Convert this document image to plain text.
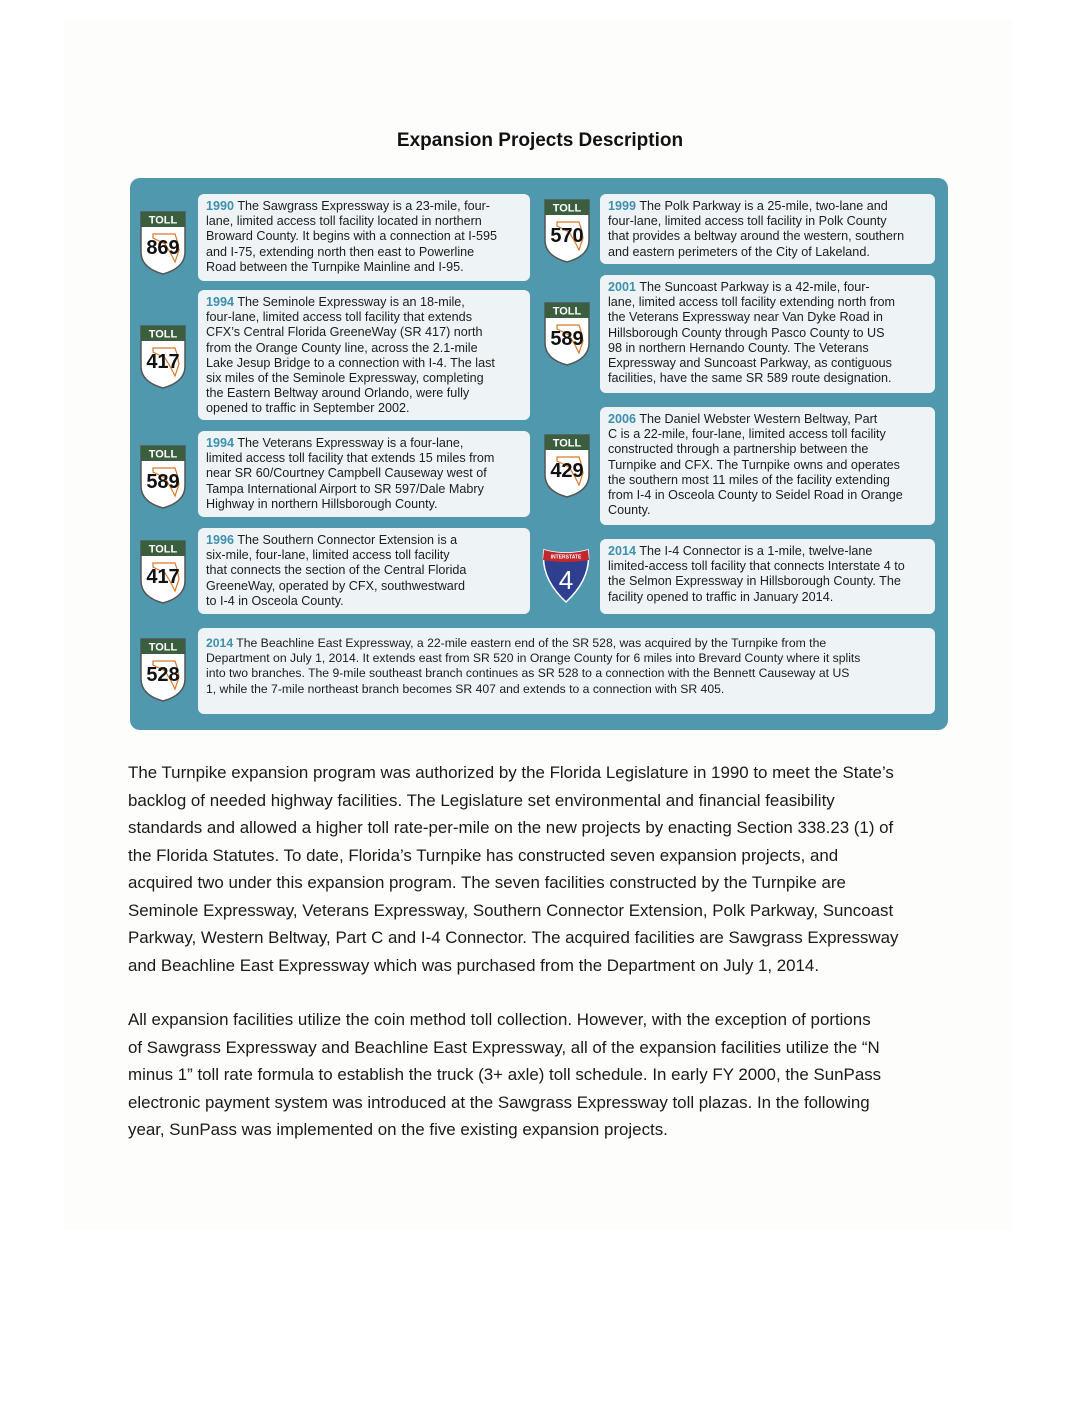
Expansion Projects Description
1990 The Sawgrass Expressway is a 23-mile, four-
lane, limited access toll facility located in northern
Broward County. It begins with a connection at I-595
and I-75, extending north then east to Powerline
Road between the Turnpike Mainline and I-95.
1994 The Seminole Expressway is an 18-mile,
four-lane, limited access toll facility that extends
CFX’s Central Florida GreeneWay (SR 417) north
from the Orange County line, across the 2.1-mile
Lake Jesup Bridge to a connection with I-4. The last
six miles of the Seminole Expressway, completing
the Eastern Beltway around Orlando, were fully
opened to traffic in September 2002.
1994 The Veterans Expressway is a four-lane,
limited access toll facility that extends 15 miles from
near SR 60/Courtney Campbell Causeway west of
Tampa International Airport to SR 597/Dale Mabry
Highway in northern Hillsborough County.
1996 The Southern Connector Extension is a
six-mile, four-lane, limited access toll facility
that connects the section of the Central Florida
GreeneWay, operated by CFX, southwestward
to I-4 in Osceola County.
1999 The Polk Parkway is a 25-mile, two-lane and
four-lane, limited access toll facility in Polk County
that provides a beltway around the western, southern
and eastern perimeters of the City of Lakeland.
2001 The Suncoast Parkway is a 42-mile, four-
lane, limited access toll facility extending north from
the Veterans Expressway near Van Dyke Road in
Hillsborough County through Pasco County to US
98 in northern Hernando County. The Veterans
Expressway and Suncoast Parkway, as contiguous
facilities, have the same SR 589 route designation.
2006 The Daniel Webster Western Beltway, Part
C is a 22-mile, four-lane, limited access toll facility
constructed through a partnership between the
Turnpike and CFX. The Turnpike owns and operates
the southern most 11 miles of the facility extending
from I-4 in Osceola County to Seidel Road in Orange
County.
2014 The I-4 Connector is a 1-mile, twelve-lane
limited-access toll facility that connects Interstate 4 to
the Selmon Expressway in Hillsborough County. The
facility opened to traffic in January 2014.
2014 The Beachline East Expressway, a 22-mile eastern end of the SR 528, was acquired by the Turnpike from the
Department on July 1, 2014. It extends east from SR 520 in Orange County for 6 miles into Brevard County where it splits
into two branches. The 9-mile southeast branch continues as SR 528 to a connection with the Bennett Causeway at US
1, while the 7-mile northeast branch becomes SR 407 and extends to a connection with SR 405.
TOLL
869
TOLL
417
TOLL
589
TOLL
417
TOLL
570
TOLL
589
TOLL
429
INTERSTATE
4
TOLL
528
The Turnpike expansion program was authorized by the Florida Legislature in 1990 to meet the State’s
backlog of needed highway facilities. The Legislature set environmental and financial feasibility
standards and allowed a higher toll rate-per-mile on the new projects by enacting Section 338.23 (1) of
the Florida Statutes. To date, Florida’s Turnpike has constructed seven expansion projects, and
acquired two under this expansion program. The seven facilities constructed by the Turnpike are
Seminole Expressway, Veterans Expressway, Southern Connector Extension, Polk Parkway, Suncoast
Parkway, Western Beltway, Part C and I-4 Connector. The acquired facilities are Sawgrass Expressway
and Beachline East Expressway which was purchased from the Department on July 1, 2014.
All expansion facilities utilize the coin method toll collection. However, with the exception of portions
of Sawgrass Expressway and Beachline East Expressway, all of the expansion facilities utilize the “N
minus 1” toll rate formula to establish the truck (3+ axle) toll schedule. In early FY 2000, the SunPass
electronic payment system was introduced at the Sawgrass Expressway toll plazas. In the following
year, SunPass was implemented on the five existing expansion projects.
